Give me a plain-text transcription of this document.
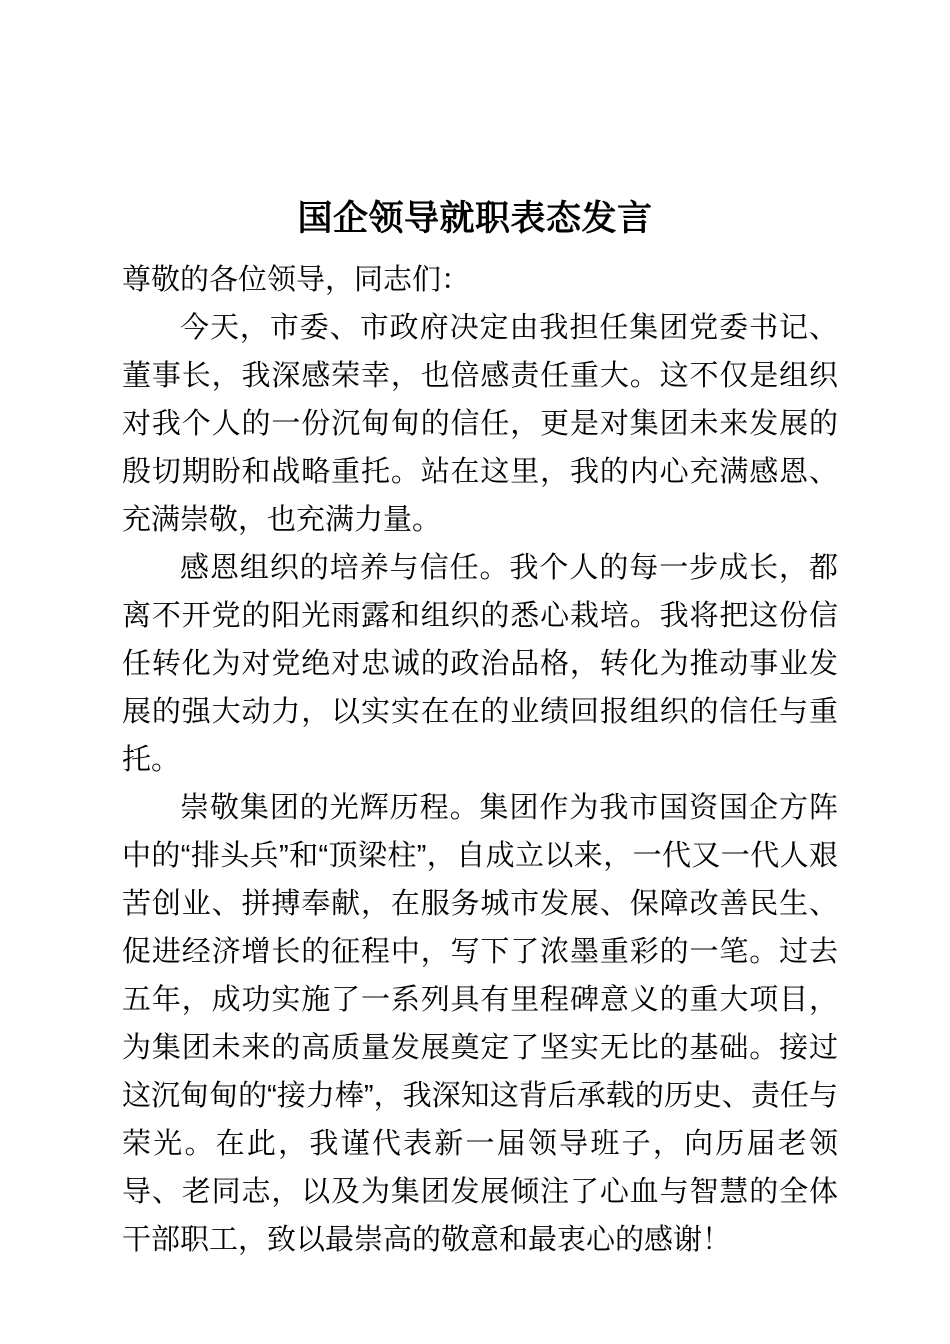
国企领导就职表态发言

尊敬的各位领导，同志们：

今天，市委、市政府决定由我担任集团党委书记、董事长，我深感荣幸，也倍感责任重大。这不仅是组织对我个人的一份沉甸甸的信任，更是对集团未来发展的殷切期盼和战略重托。站在这里，我的内心充满感恩、充满崇敬，也充满力量。

感恩组织的培养与信任。我个人的每一步成长，都离不开党的阳光雨露和组织的悉心栽培。我将把这份信任转化为对党绝对忠诚的政治品格，转化为推动事业发展的强大动力，以实实在在的业绩回报组织的信任与重托。

崇敬集团的光辉历程。集团作为我市国资国企方阵中的“排头兵”和“顶梁柱”，自成立以来，一代又一代人艰苦创业、拼搏奉献，在服务城市发展、保障改善民生、促进经济增长的征程中，写下了浓墨重彩的一笔。过去五年，成功实施了一系列具有里程碑意义的重大项目，为集团未来的高质量发展奠定了坚实无比的基础。接过这沉甸甸的“接力棒”，我深知这背后承载的历史、责任与荣光。在此，我谨代表新一届领导班子，向历届老领导、老同志，以及为集团发展倾注了心血与智慧的全体干部职工，致以最崇高的敬意和最衷心的感谢！
